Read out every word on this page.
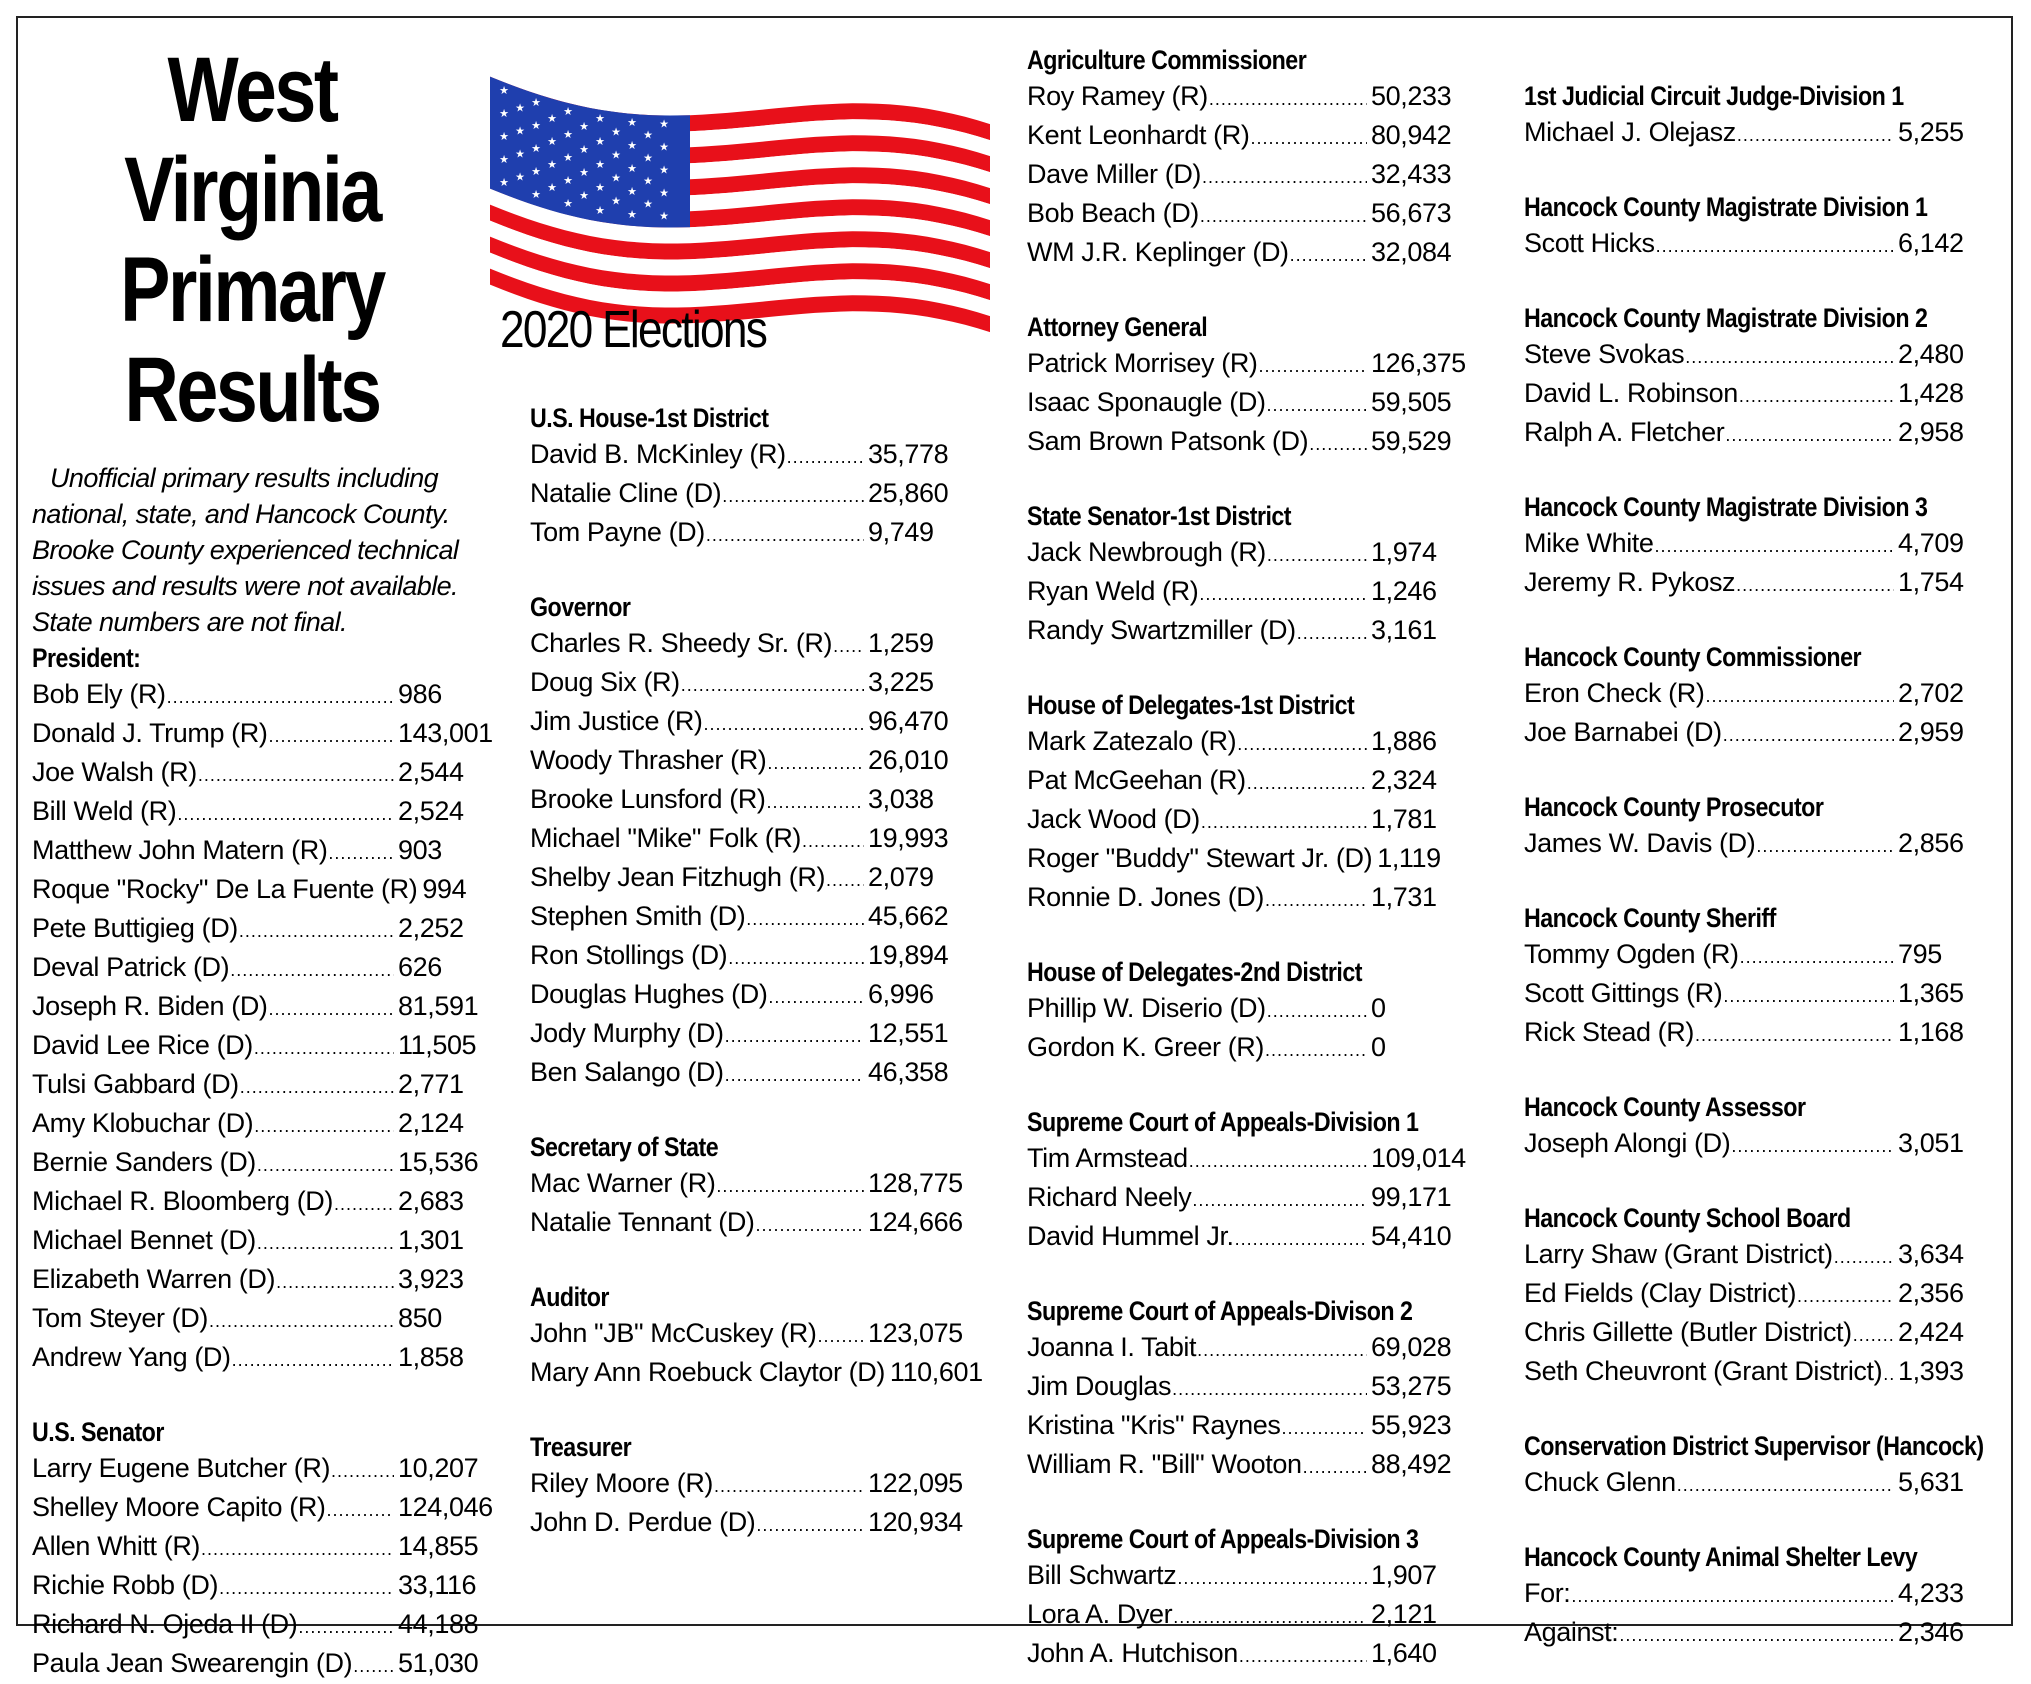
West Virginia
Primary
Results
Unofficial primary results including national, state, and Hancock County. Brooke County experienced technical issues and results were not available. State numbers are not final.
President:
Bob Ely (R) .....	986
Donald J. Trump (R) .....	143,001
Joe Walsh (R) .....	2,544
Bill Weld (R) .....	2,524
Matthew John Matern (R) .....	903
Roque "Rocky" De La Fuente (R) 994
Pete Buttigieg (D) .....	2,252
Deval Patrick (D) .....	626
Joseph R. Biden (D) .....	81,591
David Lee Rice (D) .....	11,505
Tulsi Gabbard (D) .....	2,771
Amy Klobuchar (D) .....	2,124
Bernie Sanders (D) .....	15,536
Michael R. Bloomberg (D) ..... 2,683
Michael Bennet (D) .....	1,301
Elizabeth Warren (D) .....	3,923
Tom Steyer (D) .....	850
Andrew Yang (D) .....	1,858
U.S. Senator
Larry Eugene Butcher (R) .....	10,207
Shelley Moore Capito (R) .....	124,046
Allen Whitt (R) .....	14,855
Richie Robb (D) .....	33,116
Richard N. Ojeda II (D) .....	44,188
Paula Jean Swearengin (D) ..... 51,030
★
★
★
★ ★ ★
★
★
★ ★ ★
★
★
★
★ ★ ★
★
★
★ ★ ★
★
★
★
★ ★ ★
★
★
★ ★ ★
★
★
★
★ ★ ★
★
★
★ ★ ★
★
★
★
★ ★ ★
2020 Elections
U.S. House-1st District
David B. McKinley (R) .....	35,778
Natalie Cline (D) .....	25,860
Tom Payne (D) .....	9,749
Governor
Charles R. Sheedy Sr. (R) ..... 1,259
Doug Six (R) .....	3,225
Jim Justice (R) .....	96,470
Woody Thrasher (R) .....	26,010
Brooke Lunsford (R) .....	3,038
Michael "Mike" Folk (R) ..... 19,993
Shelby Jean Fitzhugh (R) ..... 2,079
Stephen Smith (D) .....	45,662
Ron Stollings (D) .....	19,894
Douglas Hughes (D) .....	6,996
Jody Murphy (D) .....	12,551
Ben Salango (D) .....	46,358
Secretary of State
Mac Warner (R) .....	128,775
Natalie Tennant (D) .....	124,666
Auditor
John "JB" McCuskey (R) ..... 123,075
Mary Ann Roebuck Claytor (D) 110,601
Treasurer
Riley Moore (R) .....	122,095
John D. Perdue (D) .....	120,934
Agriculture Commissioner
Roy Ramey (R) .....	50,233
Kent Leonhardt (R) .....	80,942
Dave Miller (D) .....	32,433
Bob Beach (D) .....	56,673
WM J.R. Keplinger (D) .....	32,084
Attorney General
Patrick Morrisey (R) .....	126,375
Isaac Sponaugle (D) .....	59,505
Sam Brown Patsonk (D) ..... 59,529
State Senator-1st District
Jack Newbrough (R) .....	1,974
Ryan Weld (R) .....	1,246
Randy Swartzmiller (D) .....	3,161
House of Delegates-1st District
Mark Zatezalo (R) .....	1,886
Pat McGeehan (R) .....	2,324
Jack Wood (D) .....	1,781
Roger "Buddy" Stewart Jr. (D) 1,119
Ronnie D. Jones (D) .....	1,731
House of Delegates-2nd District
Phillip W. Diserio (D) .....	0
Gordon K. Greer (R) .....	0
Supreme Court of Appeals-Division 1
Tim Armstead .....	109,014
Richard Neely .....	99,171
David Hummel Jr. .....	54,410
Supreme Court of Appeals-Divison 2
Joanna I. Tabit .....	69,028
Jim Douglas .....	53,275
Kristina "Kris" Raynes .....	55,923
William R. "Bill" Wooton .....	88,492
Supreme Court of Appeals-Division 3
Bill Schwartz .....	1,907
Lora A. Dyer .....	2,121
John A. Hutchison .....	1,640
1st Judicial Circuit Judge-Division 1
Michael J. Olejasz .....	5,255
Hancock County Magistrate Division 1
Scott Hicks .....	6,142
Hancock County Magistrate Division 2
Steve Svokas .....	2,480
David L. Robinson .....	1,428
Ralph A. Fletcher .....	2,958
Hancock County Magistrate Division 3
Mike White .....	4,709
Jeremy R. Pykosz .....	1,754
Hancock County Commissioner
Eron Check (R) .....	2,702
Joe Barnabei (D) .....	2,959
Hancock County Prosecutor
James W. Davis (D) .....	2,856
Hancock County Sheriff
Tommy Ogden (R) .....	795
Scott Gittings (R) .....	1,365
Rick Stead (R) .....	1,168
Hancock County Assessor
Joseph Alongi (D) .....	3,051
Hancock County School Board
Larry Shaw (Grant District) ..... 3,634
Ed Fields (Clay District) .....	2,356
Chris Gillette (Butler District) ..... 2,424
Seth Cheuvront (Grant District) ..... 1,393
Conservation District Supervisor (Hancock)
Chuck Glenn .....	5,631
Hancock County Animal Shelter Levy
For: .....	4,233
Against: .....	2,346
